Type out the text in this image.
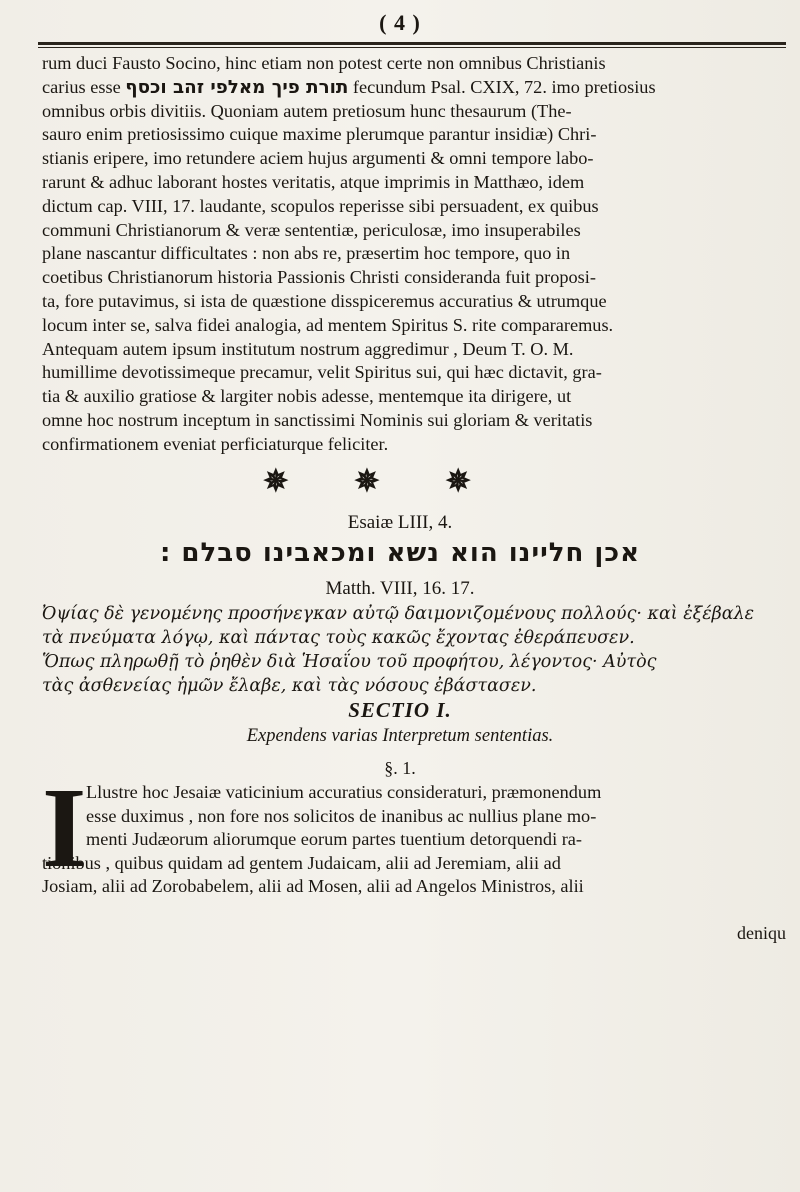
( 4 )

rum duci Fausto Socino, hinc etiam non potest certe non omnibus Christianis

carius esse תורת פיך מאלפי זהב וכסף fecundum Psal. CXIX, 72. imo pretiosius

omnibus orbis divitiis. Quoniam autem pretiosum hunc thesaurum (The-

sauro enim pretiosissimo cuique maxime plerumque parantur insidiæ) Chri-

stianis eripere, imo retundere aciem hujus argumenti & omni tempore labo-

rarunt & adhuc laborant hostes veritatis, atque imprimis in Matthæo, idem

dictum cap. VIII, 17. laudante, scopulos reperisse sibi persuadent, ex quibus

communi Christianorum & veræ sententiæ, periculosæ, imo insuperabiles

plane nascantur difficultates : non abs re, præsertim hoc tempore, quo in

coetibus Christianorum historia Passionis Christi consideranda fuit proposi-

ta, fore putavimus, si ista de quæstione disspiceremus accuratius & utrumque

locum inter se, salva fidei analogia, ad mentem Spiritus S. rite compararemus.

Antequam autem ipsum institutum nostrum aggredimur , Deum T. O. M.

humillime devotissimeque precamur, velit Spiritus sui, qui hæc dictavit, gra-

tia & auxilio gratiose & largiter nobis adesse, mentemque ita dirigere, ut

omne hoc nostrum inceptum in sanctissimi Nominis sui gloriam & veritatis

confirmationem eveniat perficiaturque feliciter.

✵✵✵
Esaiæ LIII, 4.
אכן חליינו הוא נשא ומכאבינו סבלם :
Matth. VIII, 16. 17.

Ὀψίας δὲ γενομένης προσήνεγκαν αὐτῷ δαιμονιζομένους πολλούς· καὶ ἐξέβαλε

τὰ πνεύματα λόγῳ, καὶ πάντας τοὺς κακῶς ἔχοντας ἐθεράπευσεν.

Ὅπως πληρωθῇ τὸ ῥηθὲν διὰ Ἡσαΐου τοῦ προφήτου, λέγοντος· Αὐτὸς

τὰς ἀσθενείας ἡμῶν ἔλαβε, καὶ τὰς νόσους ἐβάστασεν.

SECTIO I.
Expendens varias Interpretum sententias.
§. 1.
I Llustre hoc Jesaiæ vaticinium accuratius consideraturi, præmonendum
esse duximus , non fore nos solicitos de inanibus ac nullius plane mo-
menti Judæorum aliorumque eorum partes tuentium detorquendi ra-
tionibus , quibus quidam ad gentem Judaicam, alii ad Jeremiam, alii ad
Josiam, alii ad Zorobabelem, alii ad Mosen, alii ad Angelos Ministros, alii
deniqu
